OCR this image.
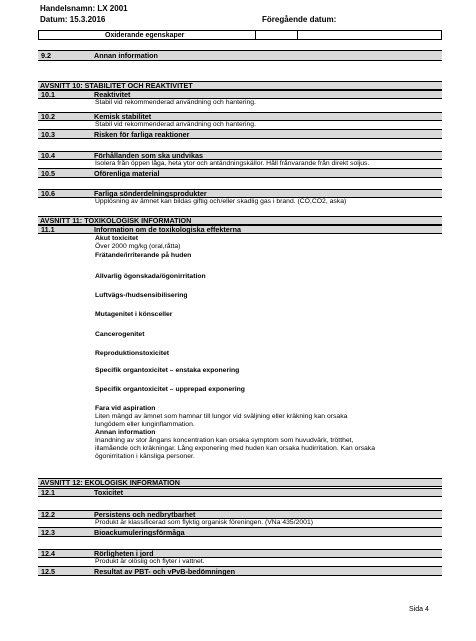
Handelsnamn: LX 2001
Datum: 15.3.2016	Föregående datum:
Oxiderande egenskaper
9.2	Annan information
AVSNITT 10: STABILITET OCH REAKTIVITET
10.1	Reaktivitet
Stabil vid rekommenderad användning och hantering.
10.2	Kemisk stabilitet
Stabil vid rekommenderad användning och hantering.
10.3	Risken för farliga reaktioner
10.4	Förhållanden som ska undvikas
Isolera från öppen låga, heta ytor och antändningskällor. Håll frånvarande från direkt soljus.
10.5	Oförenliga material
10.6	Farliga sönderdelningsprodukter
Upplösning av ämnet kan bildas giftig och/eller skadlig gas i brand. (CO,CO2, aska)
AVSNITT 11: TOXIKOLOGISK INFORMATION
11.1	Information om de toxikologiska effekterna
Akut toxicitet
Över 2000 mg/kg (oral,råtta)
Frätande/irriterande på huden
Allvarlig ögonskada/ögonirritation
Luftvägs-/hudsensibilisering
Mutagenitet i könsceller
Cancerogenitet
Reproduktionstoxicitet
Specifik organtoxicitet – enstaka exponering
Specifik organtoxicitet – upprepad exponering
Fara vid aspiration
Liten mängd av ämnet som hamnar till lungor vid sväljning eller kräkning kan orsaka
lungödem eller lunginflammation.
Annan information
Inandning av stor ångans koncentration kan orsaka symptom som huvudvärk, trötthet,
illamående och kräkningar. Lång exponering med huden kan orsaka hudirritation. Kan orsaka
ögonirritation i känsliga personer.
AVSNITT 12: EKOLOGISK INFORMATION
12.1	Toxicitet
12.2	Persistens och nedbrytbarhet
Produkt är klassificerad som flyktig organisk föreningen. (VNa 435/2001)
12.3	Bioackumuleringsförmåga
12.4	Rörligheten i jord
Produkt är olöslig och flyter i vattnet.
12.5	Resultat av PBT- och vPvB-bedömningen
Sida 4
